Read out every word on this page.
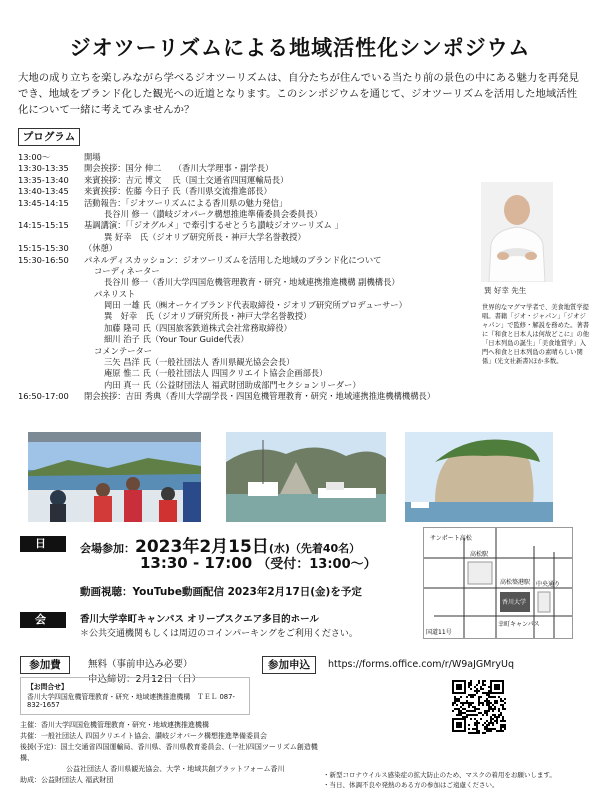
ジオツーリズムによる地域活性化シンポジウム
大地の成り立ちを楽しみながら学べるジオツーリズムは、自分たちが住んでいる当たり前の景色の中にある魅力を再発見でき、地域をブランド化した観光への近道となります。このシンポジウムを通じて、ジオツーリズムを活用した地域活性化について一緒に考えてみませんか？
プログラム
13:00〜	開場
13:30-13:35 開会挨拶：国分 伸二　　（香川大学理事・副学長）
13:35-13:40 来賓挨拶：吉元 博文　 氏（国土交通省四国運輸局長）
13:40-13:45 来賓挨拶：佐藤 今日子 氏（香川県交流推進部長）
13:45-14:15 活動報告：「ジオツーリズムによる香川県の魅力発信」
長谷川 修一（讃岐ジオパーク構想推進準備委員会委員長）
14:15-15:15 基調講演：「「ジオグルメ」で牽引するせとうち讃岐ジオツーリズム 」
巽 好幸　氏（ジオリブ研究所長・神戸大学名誉教授）
15:15-15:30 （休憩）
15:30-16:50 パネルディスカッション：ジオツーリズムを活用した地域のブランド化について
コーディネーター
長谷川 修一（香川大学四国危機管理教育・研究・地域連携推進機構 副機構長）
パネリスト
岡田 一雄 氏（㈱オーケイブランド代表取締役・ジオリブ研究所プロデューサー）
巽　好幸　氏（ジオリブ研究所長・神戸大学名誉教授）
加藤 隆司 氏（四国旅客鉄道株式会社常務取締役）
細川 治子 氏（Your Tour Guide代表）
コメンテーター
三矢 昌洋 氏（一般社団法人 香川県観光協会会長）
庵原 惟二 氏（一般社団法人 四国クリエイト協会企画部長）
内田 真一 氏（公益財団法人 福武財団助成部門セクションリーダー）
16:50-17:00 閉会挨拶：吉田 秀典（香川大学副学長・四国危機管理教育・研究・地域連携推進機構機構長）
巽 好幸 先生
世界的なマグマ学者で、美食地質学提唱。書籍「ジオ・ジャパン」「ジオジャパン」で監修・解説を務めた。著書に『和食と日本人は何故どこに』の他「日本列島の誕生」「美食地質学」入門へ和食と日本列島の素晴らしい関係」(光文社新書)ほか多数。
日　時
会場参加：2023年2月15日(水)（先着40名）
13:30 - 17:00 （受付：13:00〜）
動画視聴：YouTube動画配信 2023年2月17日(金)を予定
会　場
香川大学幸町キャンパス オリーブスクエア多目的ホール
＊公共交通機関もしくは周辺のコインパーキングをご利用ください。
サンポート高松
高松駅
高松築港駅
香川大学
幸町キャンパス
中央通り
国道11号
参加費	無料（事前申込み必要）
申込締切：2月12日（日）
参加申込	https://forms.office.com/r/W9aJGMryUq
【お問合せ】
香川大学四国危機管理教育・研究・地域連携推進機構　ＴＥＬ 087-832-1657
主催：香川大学四国危機管理教育・研究・地域連携推進機構
共催：一般社団法人 四国クリエイト協会、讃岐ジオパーク構想推進準備委員会
後援(予定)：国土交通省四国運輸局、香川県、香川県教育委員会、(一社)四国ツーリズム創造機構、
公益社団法人 香川県観光協会、大学・地域共創プラットフォーム香川
助成：公益財団法人 福武財団
・新型コロナウイルス感染症の拡大防止のため、マスクの着用をお願いします。
・当日、体調不良や発熱のある方の参加はご遠慮ください。
